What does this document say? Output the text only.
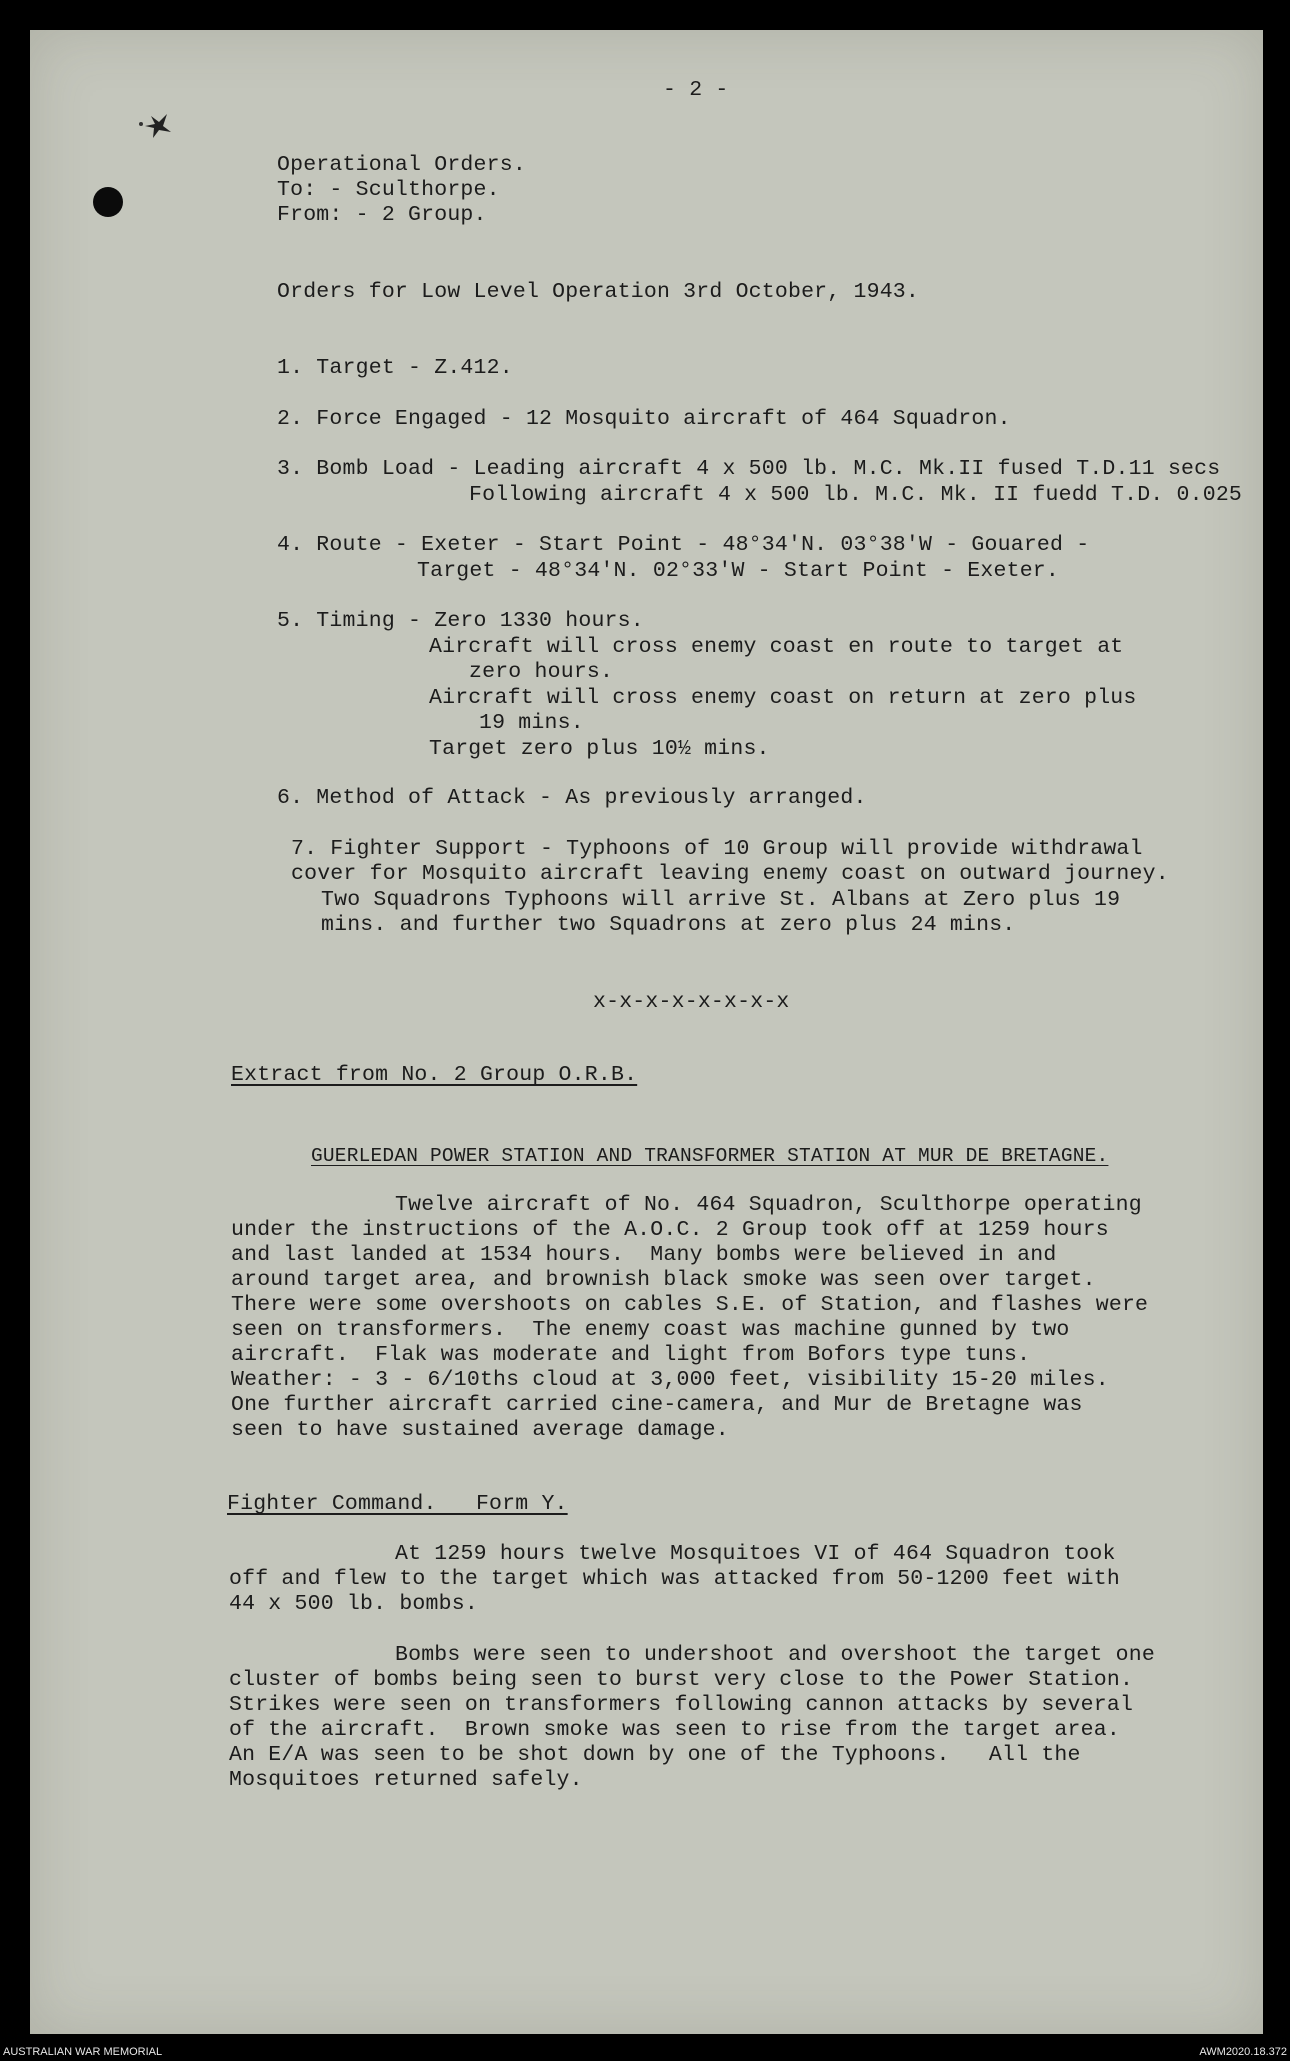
- 2 -
Operational Orders.
To: - Sculthorpe.
From: - 2 Group.
Orders for Low Level Operation 3rd October, 1943.
1. Target - Z.412.
2. Force Engaged - 12 Mosquito aircraft of 464 Squadron.
3. Bomb Load - Leading aircraft 4 x 500 lb. M.C. Mk.II fused T.D.11 secs
Following aircraft 4 x 500 lb. M.C. Mk. II fuedd T.D. 0.025
4. Route - Exeter - Start Point - 48°34'N. 03°38'W - Gouared -
Target - 48°34'N. 02°33'W - Start Point - Exeter.
5. Timing - Zero 1330 hours.
Aircraft will cross enemy coast en route to target at
zero hours.
Aircraft will cross enemy coast on return at zero plus
19 mins.
Target zero plus 10½ mins.
6. Method of Attack - As previously arranged.
7. Fighter Support - Typhoons of 10 Group will provide withdrawal
cover for Mosquito aircraft leaving enemy coast on outward journey.
Two Squadrons Typhoons will arrive St. Albans at Zero plus 19
mins. and further two Squadrons at zero plus 24 mins.
x-x-x-x-x-x-x-x
Extract from No. 2 Group O.R.B.
GUERLEDAN POWER STATION AND TRANSFORMER STATION AT MUR DE BRETAGNE.
Twelve aircraft of No. 464 Squadron, Sculthorpe operating
under the instructions of the A.O.C. 2 Group took off at 1259 hours
and last landed at 1534 hours.  Many bombs were believed in and
around target area, and brownish black smoke was seen over target.
There were some overshoots on cables S.E. of Station, and flashes were
seen on transformers.  The enemy coast was machine gunned by two
aircraft.  Flak was moderate and light from Bofors type tuns.
Weather: - 3 - 6/10ths cloud at 3,000 feet, visibility 15-20 miles.
One further aircraft carried cine-camera, and Mur de Bretagne was
seen to have sustained average damage.
Fighter Command.   Form Y.
At 1259 hours twelve Mosquitoes VI of 464 Squadron took
off and flew to the target which was attacked from 50-1200 feet with
44 x 500 lb. bombs.
Bombs were seen to undershoot and overshoot the target one
cluster of bombs being seen to burst very close to the Power Station.
Strikes were seen on transformers following cannon attacks by several
of the aircraft.  Brown smoke was seen to rise from the target area.
An E/A was seen to be shot down by one of the Typhoons.   All the
Mosquitoes returned safely.
AUSTRALIAN WAR MEMORIAL	AWM2020.18.372
